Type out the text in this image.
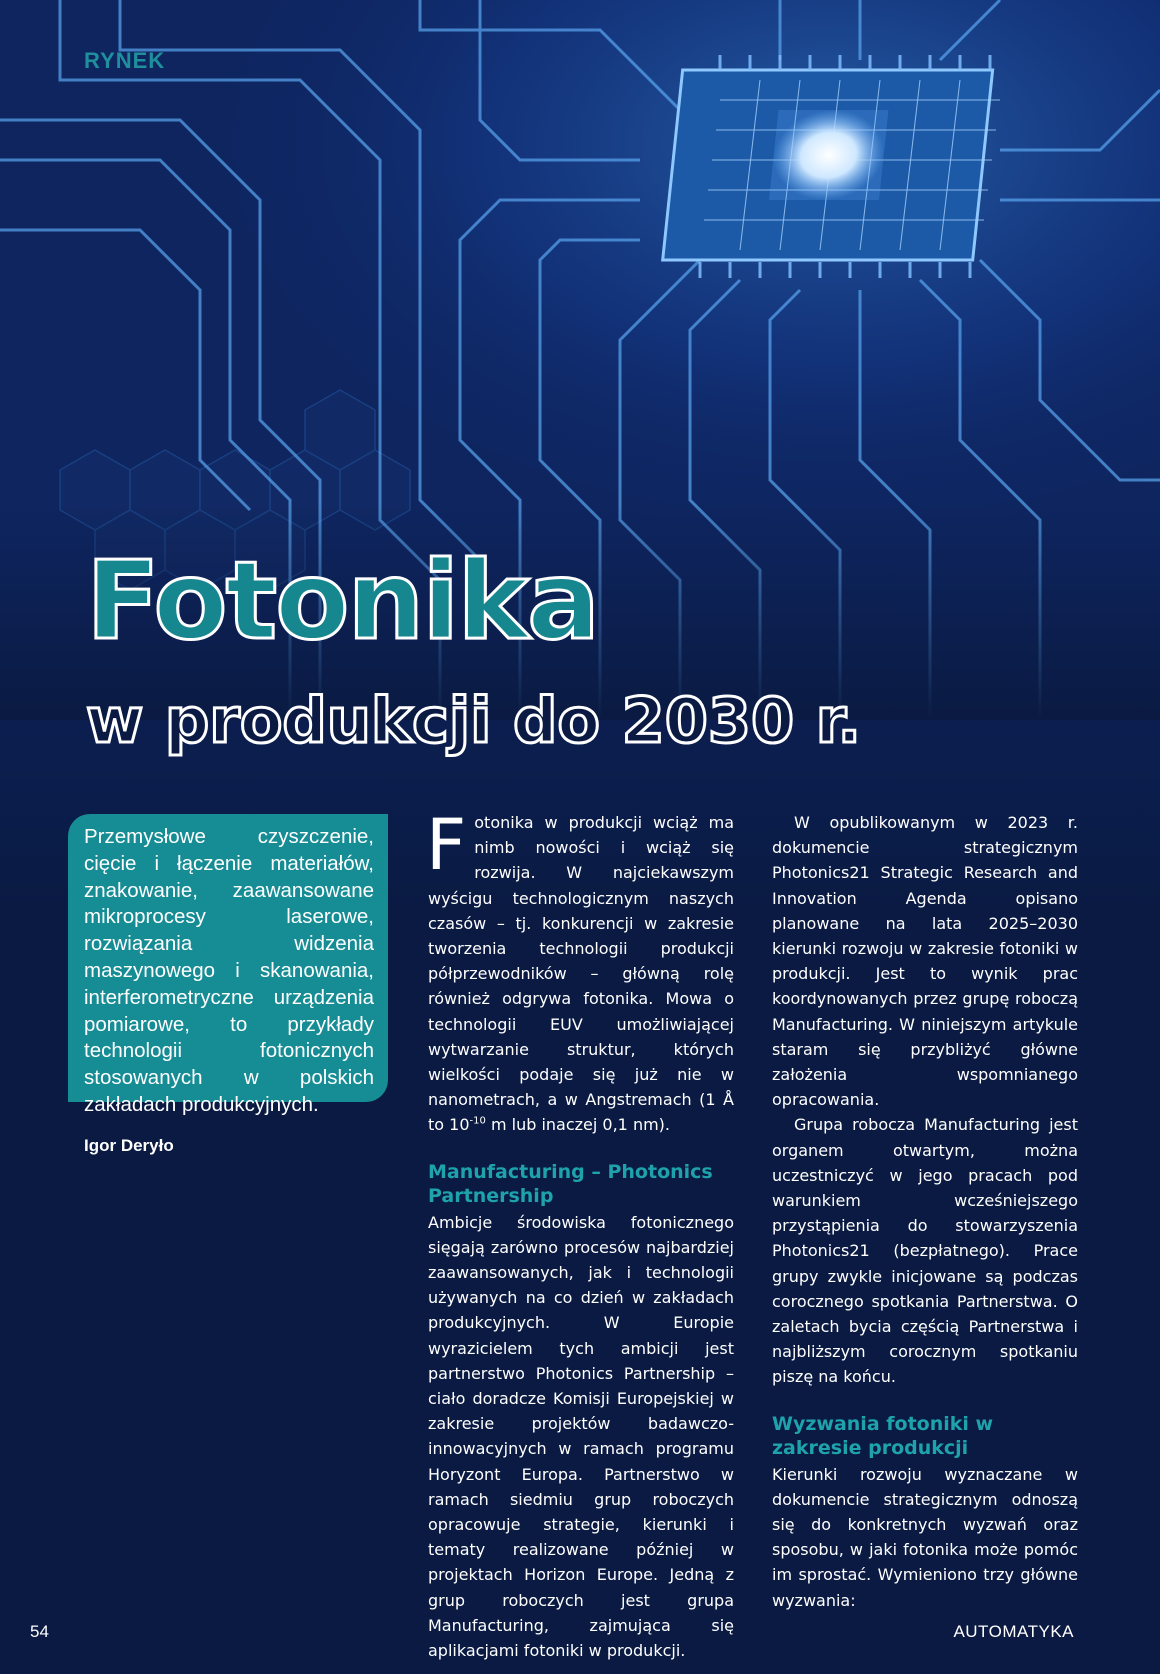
RYNEK
Fotonika
w produkcji do 2030 r.

Przemysłowe czyszczenie, cięcie i łączenie materiałów, znakowanie, zaawansowane mikroprocesy laserowe, rozwiązania widzenia maszynowego i skanowania, interferometryczne urządzenia pomiarowe, to przykłady technologii fotonicznych stosowanych w polskich zakładach produkcyjnych.

Igor Deryło

Fotonika w produkcji wciąż ma nimb nowości i wciąż się rozwija. W najciekawszym wyścigu technologicznym naszych czasów – tj. konkurencji w zakresie tworzenia technologii produkcji półprzewodników – główną rolę również odgrywa fotonika. Mowa o technologii EUV umożliwiającej wytwarzanie struktur, których wielkości podaje się już nie w nanometrach, a w Angstremach (1 Å to $10^{-10}$ m lub inaczej 0,1 nm).

Manufacturing – Photonics Partnership

Ambicje środowiska fotonicznego sięgają zarówno procesów najbardziej zaawansowanych, jak i technologii używanych na co dzień w zakładach produkcyjnych. W Europie wyrazicielem tych ambicji jest partnerstwo Photonics Partnership – ciało doradcze Komisji Europejskiej w zakresie projektów badawczo-innowacyjnych w ramach programu Horyzont Europa. Partnerstwo w ramach siedmiu grup roboczych opracowuje strategie, kierunki i tematy realizowane później w projektach Horizon Europe. Jedną z grup roboczych jest grupa Manufacturing, zajmująca się aplikacjami fotoniki w produkcji.

W opublikowanym w 2023 r. dokumencie strategicznym Photonics21 Strategic Research and Innovation Agenda opisano planowane na lata 2025–2030 kierunki rozwoju w zakresie fotoniki w produkcji. Jest to wynik prac koordynowanych przez grupę roboczą Manufacturing. W niniejszym artykule staram się przybliżyć główne założenia wspomnianego opracowania.

Grupa robocza Manufacturing jest organem otwartym, można uczestniczyć w jego pracach pod warunkiem wcześniejszego przystąpienia do stowarzyszenia Photonics21 (bezpłatnego). Prace grupy zwykle inicjowane są podczas corocznego spotkania Partnerstwa. O zaletach bycia częścią Partnerstwa i najbliższym corocznym spotkaniu piszę na końcu.

Wyzwania fotoniki w zakresie produkcji

Kierunki rozwoju wyznaczane w dokumencie strategicznym odnoszą się do konkretnych wyzwań oraz sposobu, w jaki fotonika może pomóc im sprostać. Wymieniono trzy główne wyzwania:

54	AUTOMATYKA
